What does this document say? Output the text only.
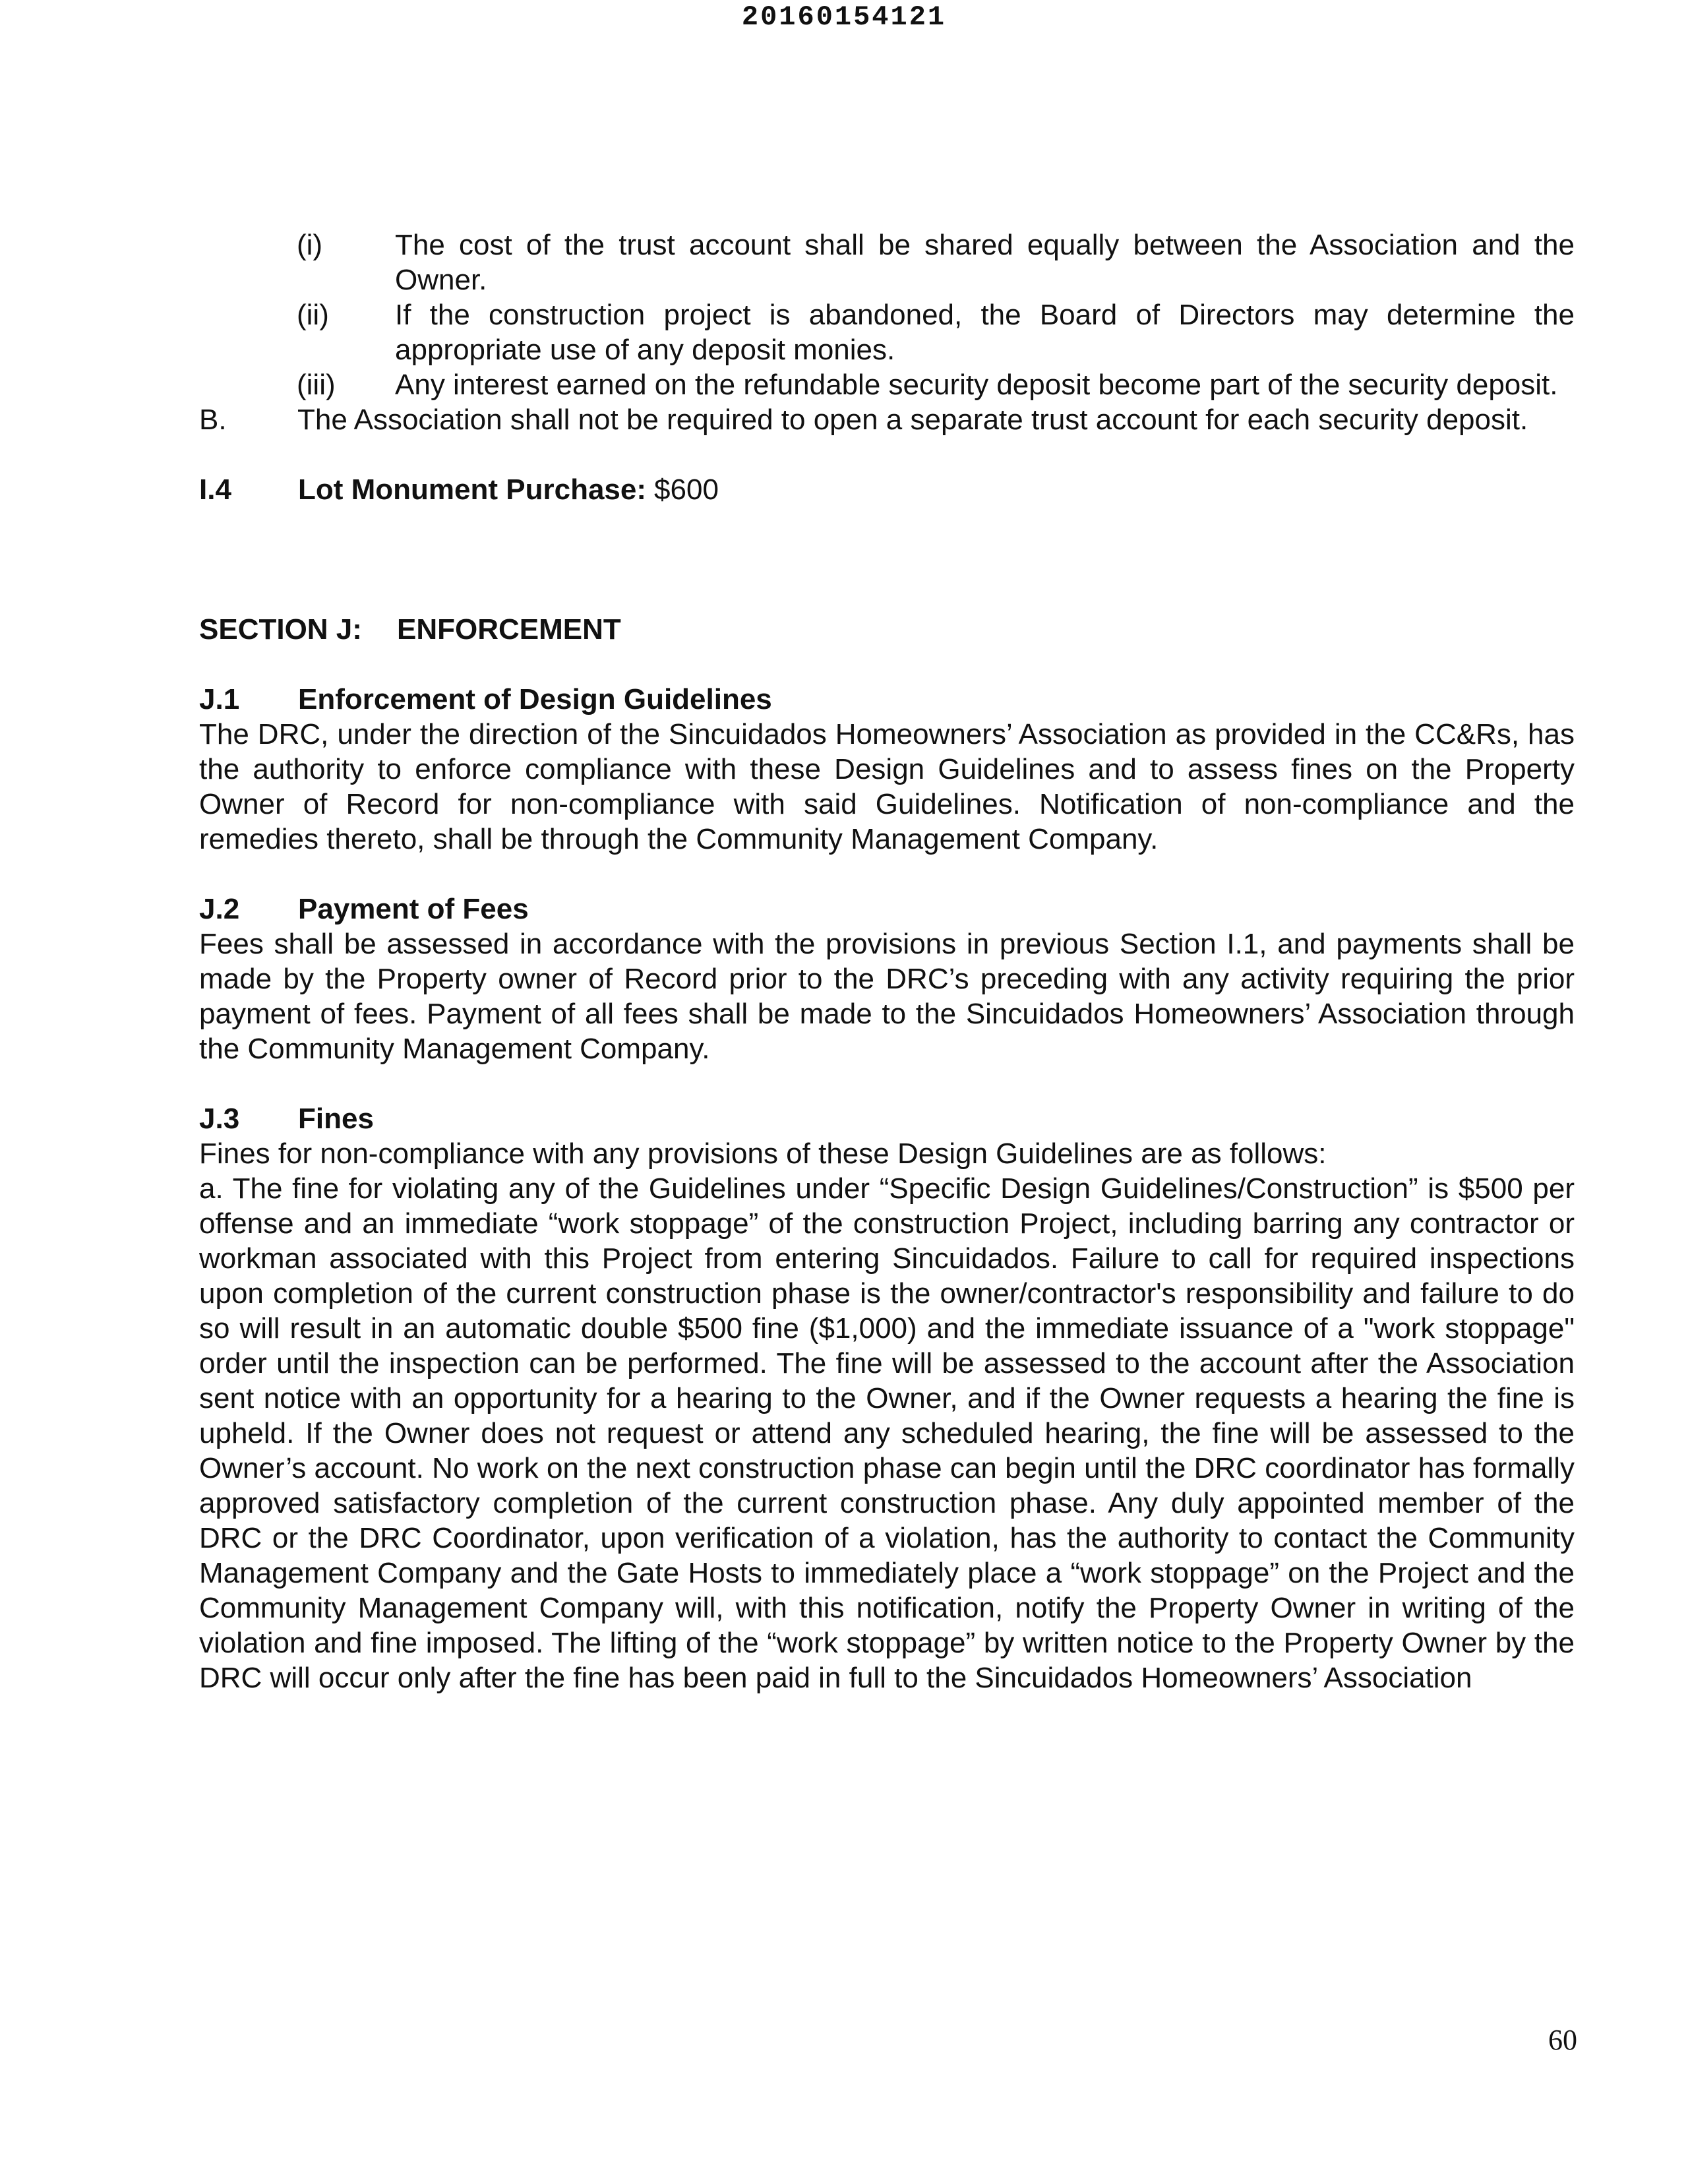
20160154121
(i)	The cost of the trust account shall be shared equally between the Association and the Owner.
(ii)	If the construction project is abandoned, the Board of Directors may determine the appropriate use of any deposit monies.
(iii)	Any interest earned on the refundable security deposit become part of the security deposit.

B. The Association shall not be required to open a separate trust account for each security deposit.

I.4	Lot Monument Purchase: $600
SECTION J:	ENFORCEMENT
J.1	Enforcement of Design Guidelines

The DRC, under the direction of the Sincuidados Homeowners’ Association as provided in the CC&Rs, has the authority to enforce compliance with these Design Guidelines and to assess fines on the Property Owner of Record for non-compliance with said Guidelines. Notification of non-compliance and the remedies thereto, shall be through the Community Management Company.

J.2	Payment of Fees

Fees shall be assessed in accordance with the provisions in previous Section I.1, and payments shall be made by the Property owner of Record prior to the DRC’s preceding with any activity requiring the prior payment of fees. Payment of all fees shall be made to the Sincuidados Homeowners’ Association through the Community Management Company.

J.3	Fines

Fines for non-compliance with any provisions of these Design Guidelines are as follows:

a. The fine for violating any of the Guidelines under “Specific Design Guidelines/Construction” is $500 per offense and an immediate “work stoppage” of the construction Project, including barring any contractor or workman associated with this Project from entering Sincuidados. Failure to call for required inspections upon completion of the current construction phase is the owner/contractor's responsibility and failure to do so will result in an automatic double $500 fine ($1,000) and the immediate issuance of a "work stoppage" order until the inspection can be performed. The fine will be assessed to the account after the Association sent notice with an opportunity for a hearing to the Owner, and if the Owner requests a hearing the fine is upheld. If the Owner does not request or attend any scheduled hearing, the fine will be assessed to the Owner’s account. No work on the next construction phase can begin until the DRC coordinator has formally approved satisfactory completion of the current construction phase. Any duly appointed member of the DRC or the DRC Coordinator, upon verification of a violation, has the authority to contact the Community Management Company and the Gate Hosts to immediately place a “work stoppage” on the Project and the Community Management Company will, with this notification, notify the Property Owner in writing of the violation and fine imposed. The lifting of the “work stoppage” by written notice to the Property Owner by the DRC will occur only after the fine has been paid in full to the Sincuidados Homeowners’ Association

60
